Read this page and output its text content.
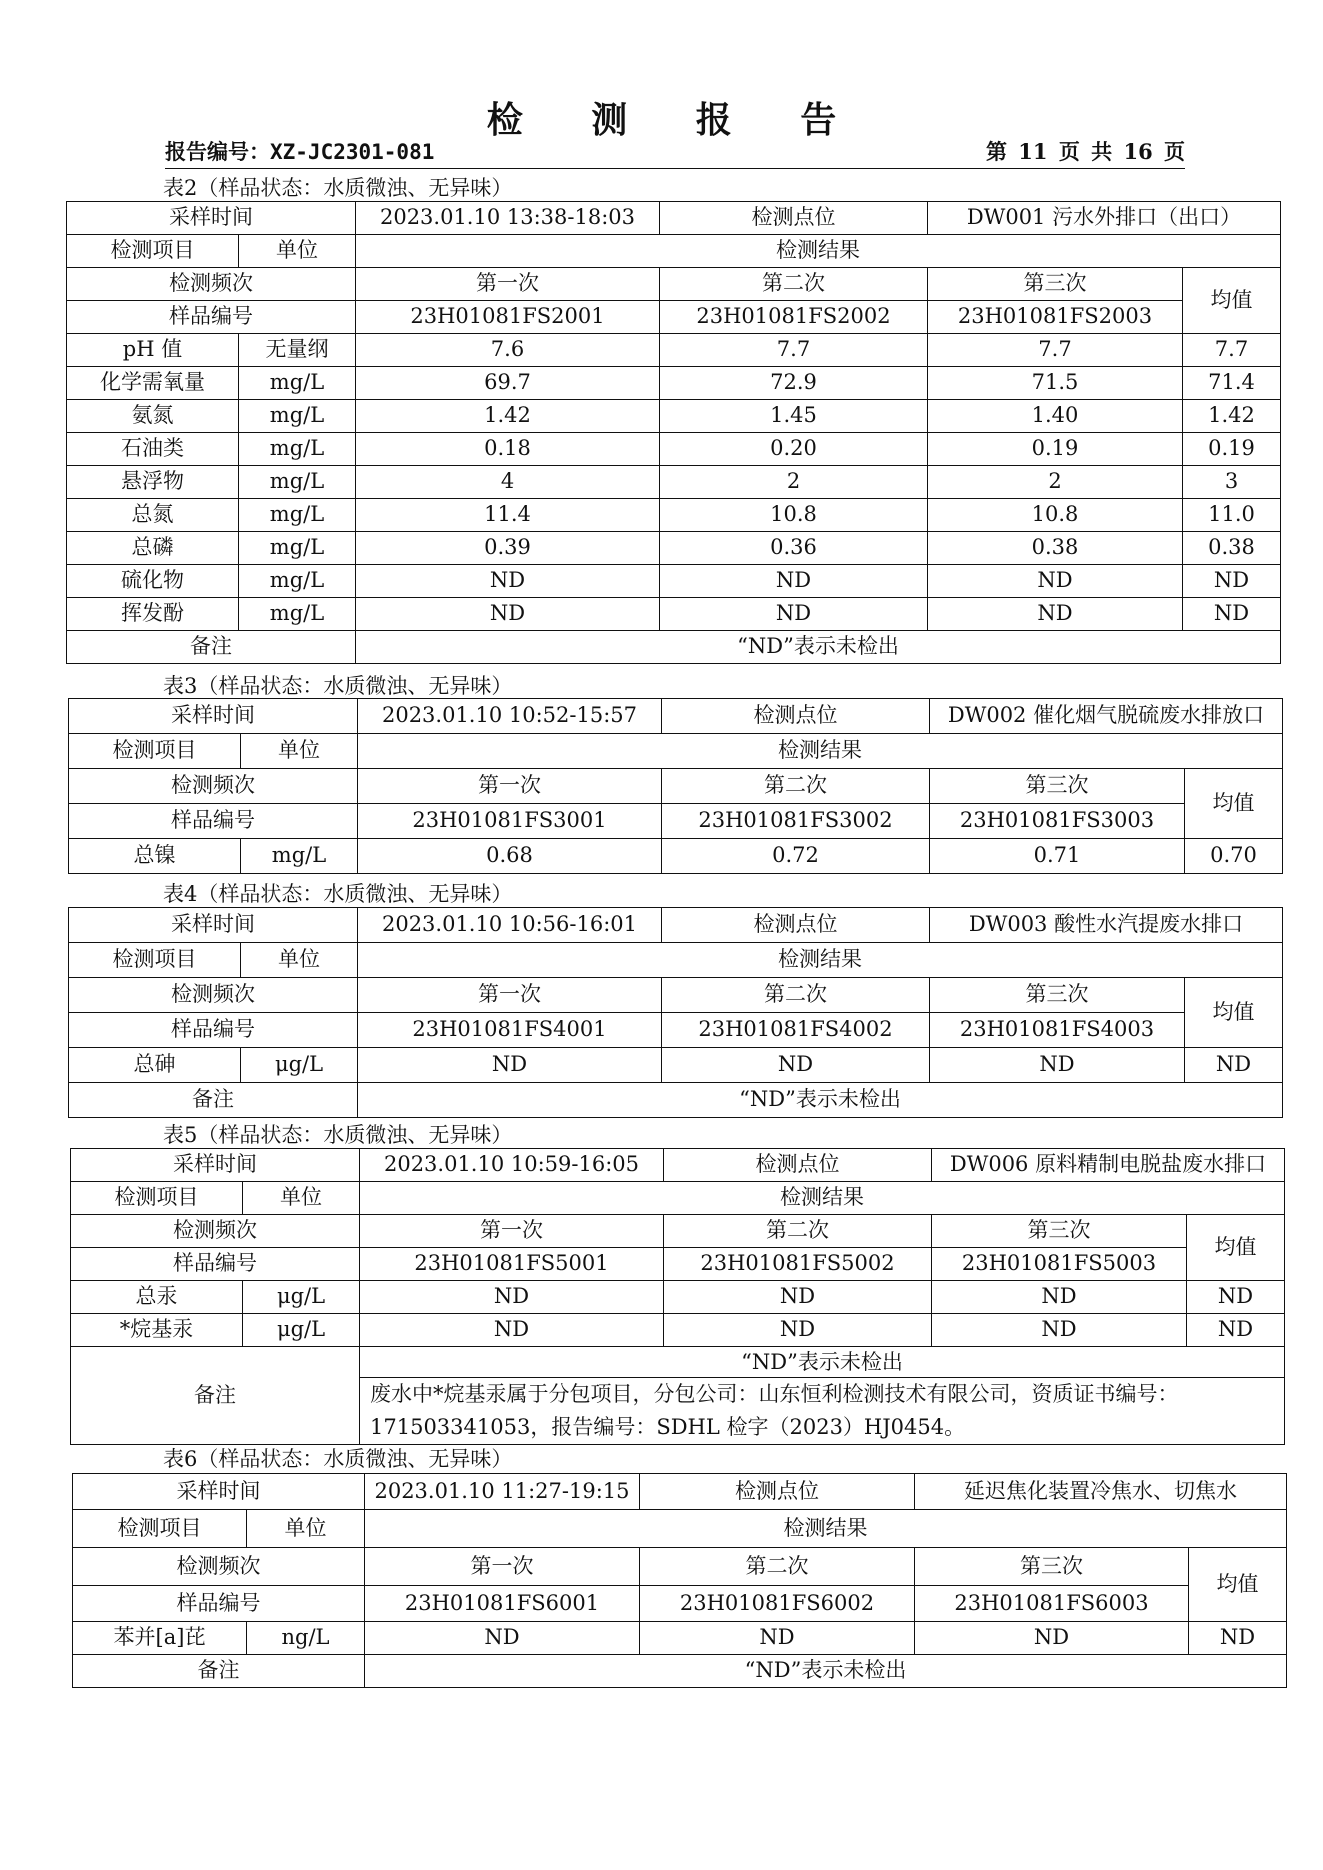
检 测 报 告
报告编号：XZ-JC2301-081	第 11 页 共 16 页
表2（样品状态：水质微浊、无异味）
采样时间		2023.01.10 13:38-18:03	检测点位	DW001 污水外排口（出口）	
检测项目	单位	检测结果			
检测频次		第一次	第二次	第三次	均值
样品编号		23H01081FS2001	23H01081FS2002	23H01081FS2003	
pH 值	无量纲	7.6	7.7	7.7	7.7
化学需氧量	mg/L	69.7	72.9	71.5	71.4
氨氮	mg/L	1.42	1.45	1.40	1.42
石油类	mg/L	0.18	0.20	0.19	0.19
悬浮物	mg/L	4	2	2	3
总氮	mg/L	11.4	10.8	10.8	11.0
总磷	mg/L	0.39	0.36	0.38	0.38
硫化物	mg/L	ND	ND	ND	ND
挥发酚	mg/L	ND	ND	ND	ND
备注		“ND”表示未检出			
表3（样品状态：水质微浊、无异味）
采样时间		2023.01.10 10:52-15:57	检测点位	DW002 催化烟气脱硫废水排放口	
检测项目	单位	检测结果			
检测频次		第一次	第二次	第三次	均值
样品编号		23H01081FS3001	23H01081FS3002	23H01081FS3003	
总镍	mg/L	0.68	0.72	0.71	0.70
表4（样品状态：水质微浊、无异味）
采样时间		2023.01.10 10:56-16:01	检测点位	DW003 酸性水汽提废水排口	
检测项目	单位	检测结果			
检测频次		第一次	第二次	第三次	均值
样品编号		23H01081FS4001	23H01081FS4002	23H01081FS4003	
总砷	μg/L	ND	ND	ND	ND
备注		“ND”表示未检出			
表5（样品状态：水质微浊、无异味）
采样时间		2023.01.10 10:59-16:05	检测点位	DW006 原料精制电脱盐废水排口	
检测项目	单位	检测结果			
检测频次		第一次	第二次	第三次	均值
样品编号		23H01081FS5001	23H01081FS5002	23H01081FS5003	
总汞	μg/L	ND	ND	ND	ND
*烷基汞	μg/L	ND	ND	ND	ND
备注		“ND”表示未检出
废水中*烷基汞属于分包项目，分包公司：山东恒利检测技术有限公司，资质证书编号：171503341053，报告编号：SDHL 检字（2023）HJ0454。			
表6（样品状态：水质微浊、无异味）
采样时间		2023.01.10 11:27-19:15	检测点位	延迟焦化装置冷焦水、切焦水	
检测项目	单位	检测结果			
检测频次		第一次	第二次	第三次	均值
样品编号		23H01081FS6001	23H01081FS6002	23H01081FS6003	
苯并[a]芘	ng/L	ND	ND	ND	ND
备注		“ND”表示未检出			
